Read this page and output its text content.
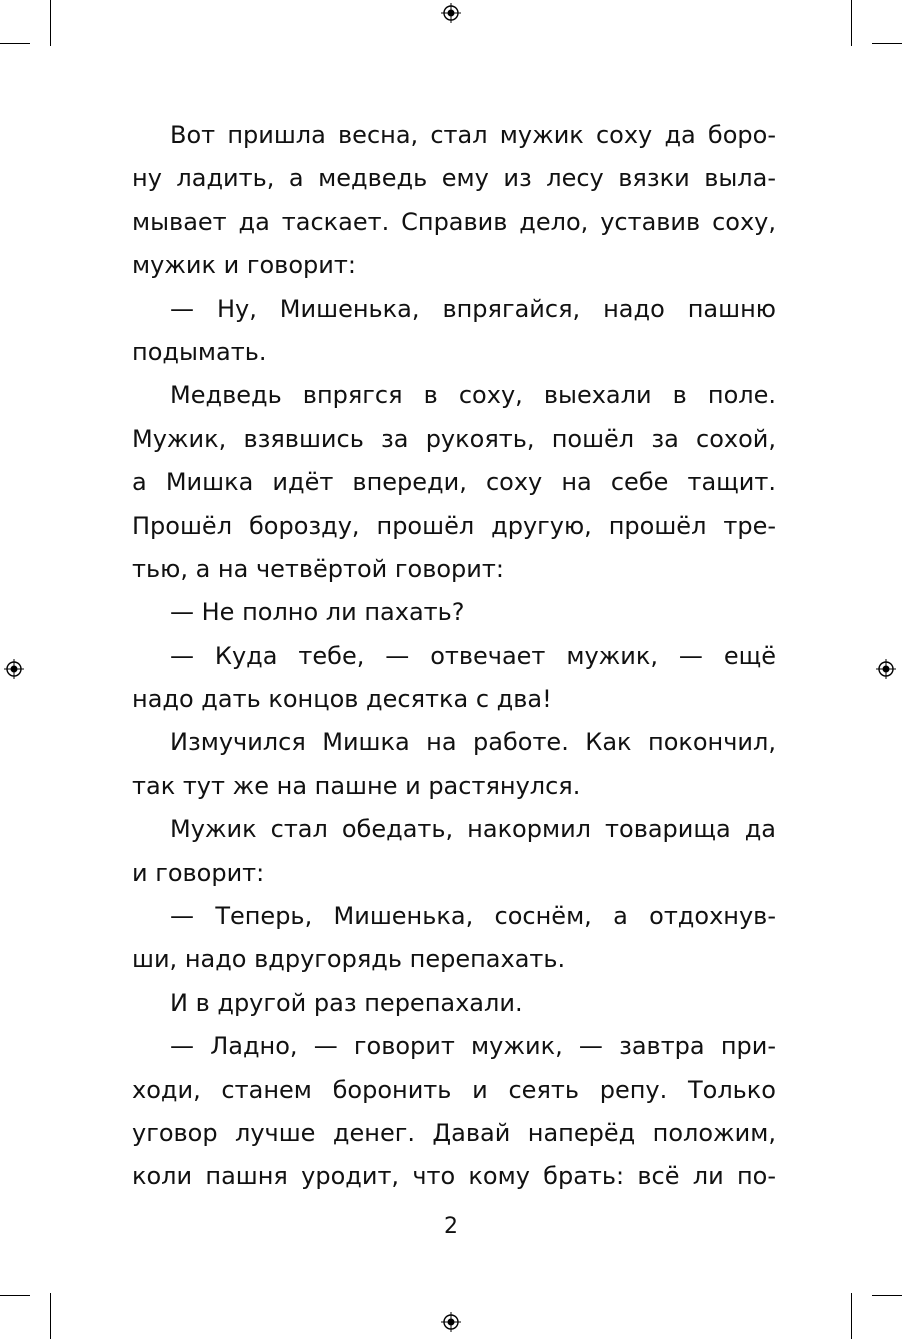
Вот пришла весна, стал мужик соху да боро-
ну ладить, а медведь ему из лесу вязки выла-
мывает да таскает. Справив дело, уставив соху,
мужик и говорит:
— Ну, Мишенька, впрягайся, надо пашню
подымать.
Медведь впрягся в соху, выехали в поле.
Мужик, взявшись за рукоять, пошёл за сохой,
а Мишка идёт впереди, соху на себе тащит.
Прошёл борозду, прошёл другую, прошёл тре-
тью, а на четвёртой говорит:
— Не полно ли пахать?
— Куда тебе, — отвечает мужик, — ещё
надо дать концов десятка с два!
Измучился Мишка на работе. Как покончил,
так тут же на пашне и растянулся.
Мужик стал обедать, накормил товарища да
и говорит:
— Теперь, Мишенька, соснём, а отдохнув-
ши, надо вдругорядь перепахать.
И в другой раз перепахали.
— Ладно, — говорит мужик, — завтра при-
ходи, станем боронить и сеять репу. Только
уговор лучше денег. Давай наперёд положим,
коли пашня уродит, что кому брать: всё ли по-
2
